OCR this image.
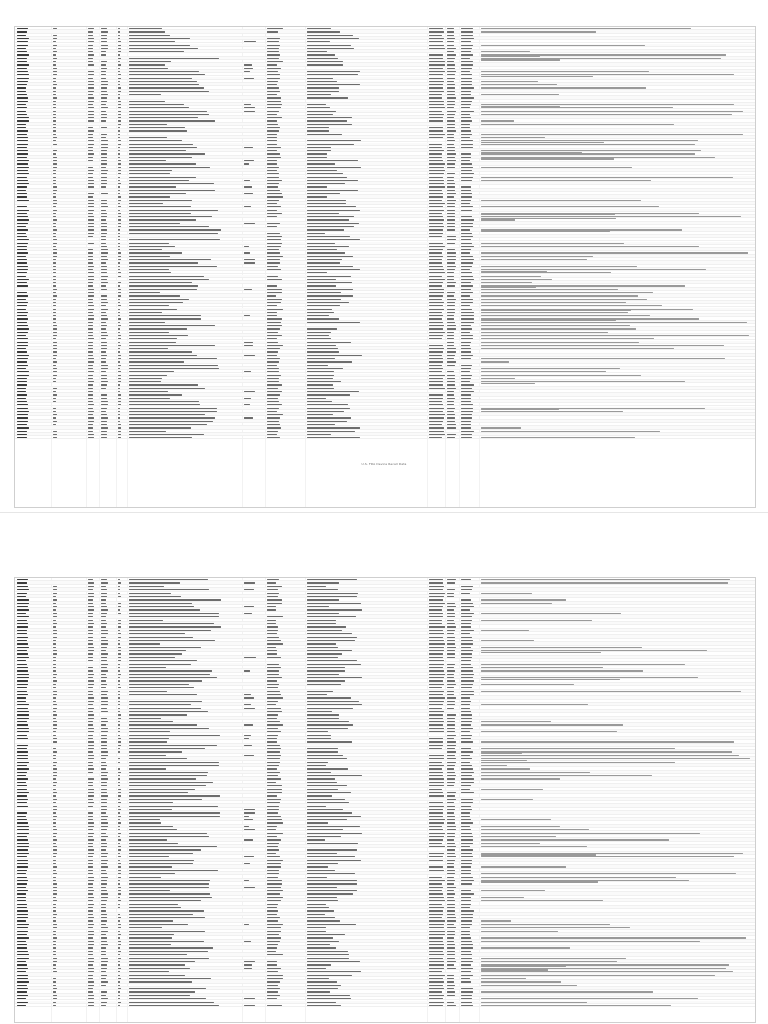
U.S. FDA Device Recall Data
